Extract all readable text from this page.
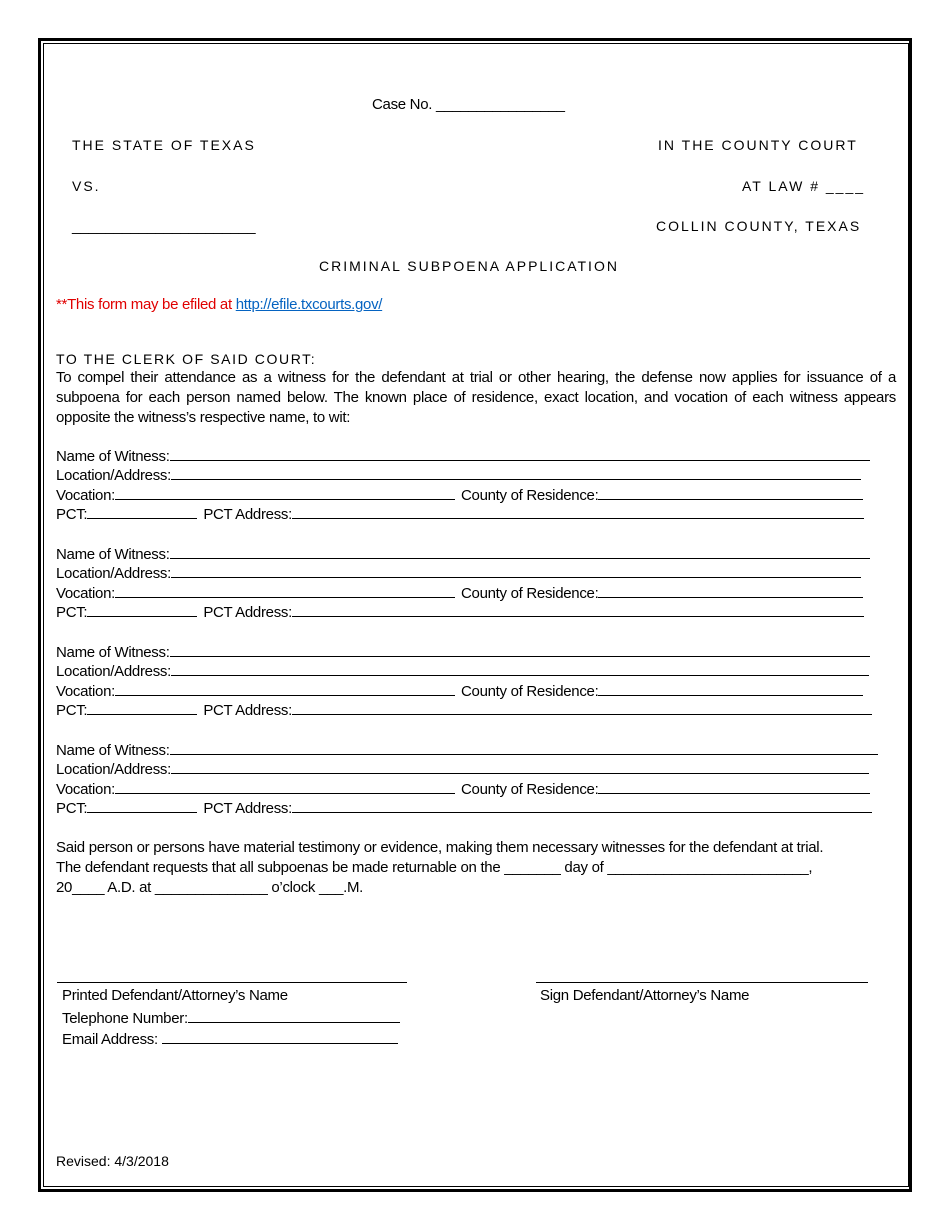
Case No. ________________
THE STATE OF TEXAS	IN THE COUNTY COURT
VS.	AT LAW # ____
______________________	COLLIN COUNTY, TEXAS
CRIMINAL SUBPOENA APPLICATION
**This form may be efiled at http://efile.txcourts.gov/
TO THE CLERK OF SAID COURT:
To compel their attendance as a witness for the defendant at trial or other hearing, the defense now applies for issuance of a subpoena for each person named below. The known place of residence, exact location, and vocation of each witness appears opposite the witness’s respective name, to wit:
Name of Witness:
Location/Address:
Vocation:	County of Residence:
PCT:	PCT Address:
Name of Witness:
Location/Address:
Vocation:	County of Residence:
PCT:	PCT Address:
Name of Witness:
Location/Address:
Vocation:	County of Residence:
PCT:	PCT Address:
Name of Witness:
Location/Address:
Vocation:	County of Residence:
PCT:	PCT Address:
Said person or persons have material testimony or evidence, making them necessary witnesses for the defendant at trial.
The defendant requests that all subpoenas be made returnable on the _______ day of _________________________,
20____ A.D. at ______________ o’clock ___.M.
Printed Defendant/Attorney’s Name	Sign Defendant/Attorney’s Name
Telephone Number:
Email Address:
Revised: 4/3/2018
